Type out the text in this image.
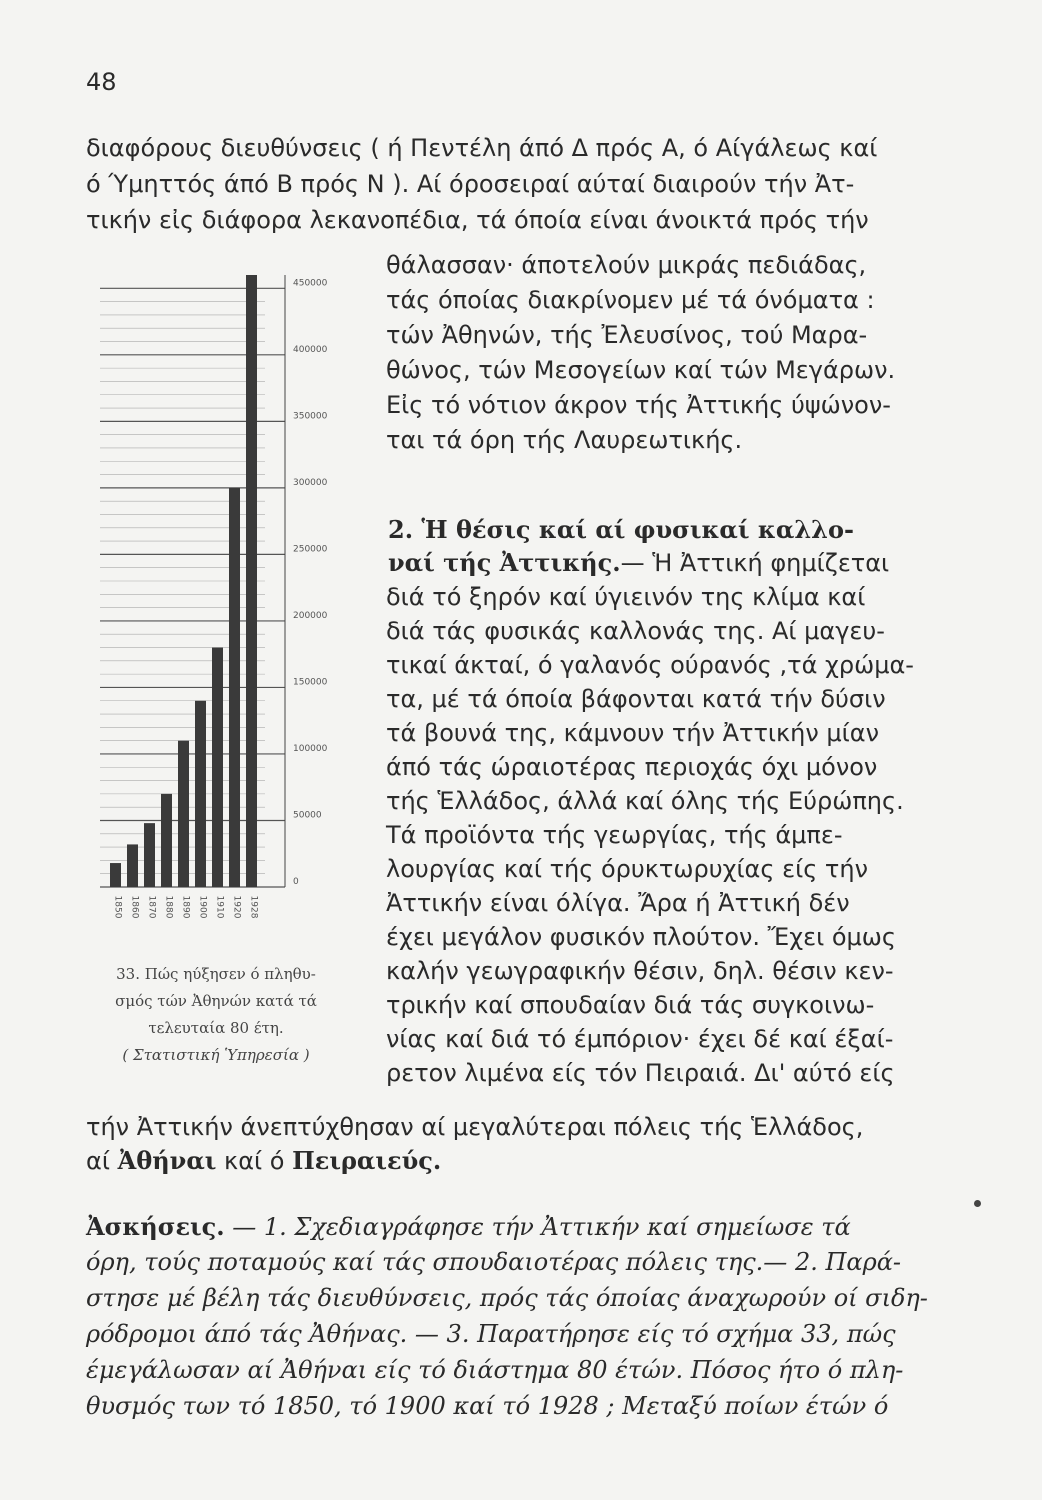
48
διαφόρους διευθύνσεις ( ή Πεντέλη άπό Δ πρός Α, ό Αίγάλεως καί
ό Ύμηττός άπό Β πρός Ν ). Αί όροσειραί αύταί διαιρούν τήν Ἀτ-
τικήν εἰς διάφορα λεκανοπέδια, τά όποία είναι άνοικτά πρός τήν
θάλασσαν· άποτελούν μικράς πεδιάδας,
τάς όποίας διακρίνομεν μέ τά όνόματα :
τών Ἀθηνών, τής Ἐλευσίνος, τού Μαρα-
θώνος, τών Μεσογείων καί τών Μεγάρων.
Εἰς τό νότιον άκρον τής Ἀττικής ύψώνον-
ται τά όρη τής Λαυρεωτικής.
2. Ἡ θέσις καί αί φυσικαί καλλο-
ναί τής Ἀττικής.— Ἡ Ἀττική φημίζεται
διά τό ξηρόν καί ύγιεινόν της κλίμα καί
διά τάς φυσικάς καλλονάς της. Αί μαγευ-
τικαί άκταί, ό γαλανός ούρανός ,τά χρώμα-
τα, μέ τά όποία βάφονται κατά τήν δύσιν
τά βουνά της, κάμνουν τήν Ἀττικήν μίαν
άπό τάς ώραιοτέρας περιοχάς όχι μόνον
τής Ἑλλάδος, άλλά καί όλης τής Εύρώπης.
Τά προϊόντα τής γεωργίας, τής άμπε-
λουργίας καί τής όρυκτωρυχίας είς τήν
Ἀττικήν είναι όλίγα. Ἄρα ή Ἀττική δέν
έχει μεγάλον φυσικόν πλούτον. Ἔχει όμως
καλήν γεωγραφικήν θέσιν, δηλ. θέσιν κεν-
τρικήν καί σπουδαίαν διά τάς συγκοινω-
νίας καί διά τό έμπόριον· έχει δέ καί έξαί-
ρετον λιμένα είς τόν Πειραιά. Δι' αύτό είς
τήν Ἀττικήν άνεπτύχθησαν αί μεγαλύτεραι πόλεις τής Ἑλλάδος,
αί Ἀθήναι καί ό Πειραιεύς.
Ἀσκήσεις. — 1. Σχεδιαγράφησε τήν Ἀττικήν καί σημείωσε τά
όρη, τούς ποταμούς καί τάς σπουδαιοτέρας πόλεις της.— 2. Παρά-
στησε μέ βέλη τάς διευθύνσεις, πρός τάς όποίας άναχωρούν οί σιδη-
ρόδρομοι άπό τάς Ἀθήνας. — 3. Παρατήρησε είς τό σχήμα 33, πώς
έμεγάλωσαν αί Ἀθήναι είς τό διάστημα 80 έτών. Πόσος ήτο ό πλη-
θυσμός των τό 1850, τό 1900 καί τό 1928 ; Μεταξύ ποίων έτών ό
0
50000
100000
150000
200000
250000
300000
350000
400000
450000
1850 1860 1870 1880 1890 1900 1910 1920 1928
33. Πώς ηύξησεν ό πληθυ-
σμός τών Ἀθηνών κατά τά
τελευταία 80 έτη.
( Στατιστική Ὑπηρεσία )
